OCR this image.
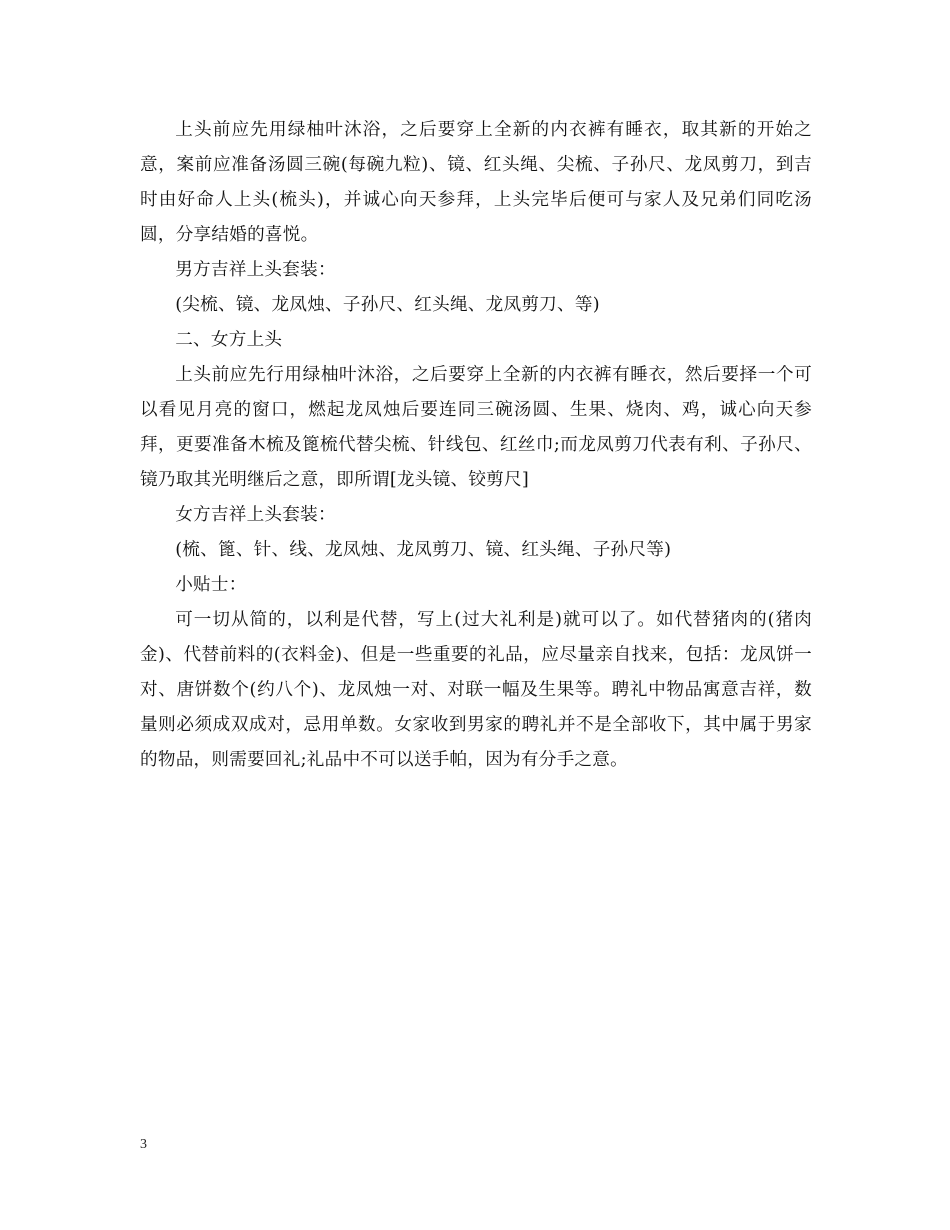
上头前应先用绿柚叶沐浴，之后要穿上全新的内衣裤有睡衣，取其新的开始之意，案前应准备汤圆三碗(每碗九粒)、镜、红头绳、尖梳、子孙尺、龙凤剪刀，到吉时由好命人上头(梳头)，并诚心向天参拜，上头完毕后便可与家人及兄弟们同吃汤圆，分享结婚的喜悦。

男方吉祥上头套装：

(尖梳、镜、龙凤烛、子孙尺、红头绳、龙凤剪刀、等)

二、女方上头

上头前应先行用绿柚叶沐浴，之后要穿上全新的内衣裤有睡衣，然后要择一个可以看见月亮的窗口，燃起龙凤烛后要连同三碗汤圆、生果、烧肉、鸡，诚心向天参拜，更要准备木梳及篦梳代替尖梳、针线包、红丝巾;而龙凤剪刀代表有利、子孙尺、镜乃取其光明继后之意，即所谓[龙头镜、铰剪尺]

女方吉祥上头套装：

(梳、篦、针、线、龙凤烛、龙凤剪刀、镜、红头绳、子孙尺等)

小贴士：

可一切从简的，以利是代替，写上(过大礼利是)就可以了。如代替猪肉的(猪肉金)、代替前料的(衣料金)、但是一些重要的礼品，应尽量亲自找来，包括：龙凤饼一对、唐饼数个(约八个)、龙凤烛一对、对联一幅及生果等。聘礼中物品寓意吉祥，数量则必须成双成对，忌用单数。女家收到男家的聘礼并不是全部收下，其中属于男家的物品，则需要回礼;礼品中不可以送手帕，因为有分手之意。

3
